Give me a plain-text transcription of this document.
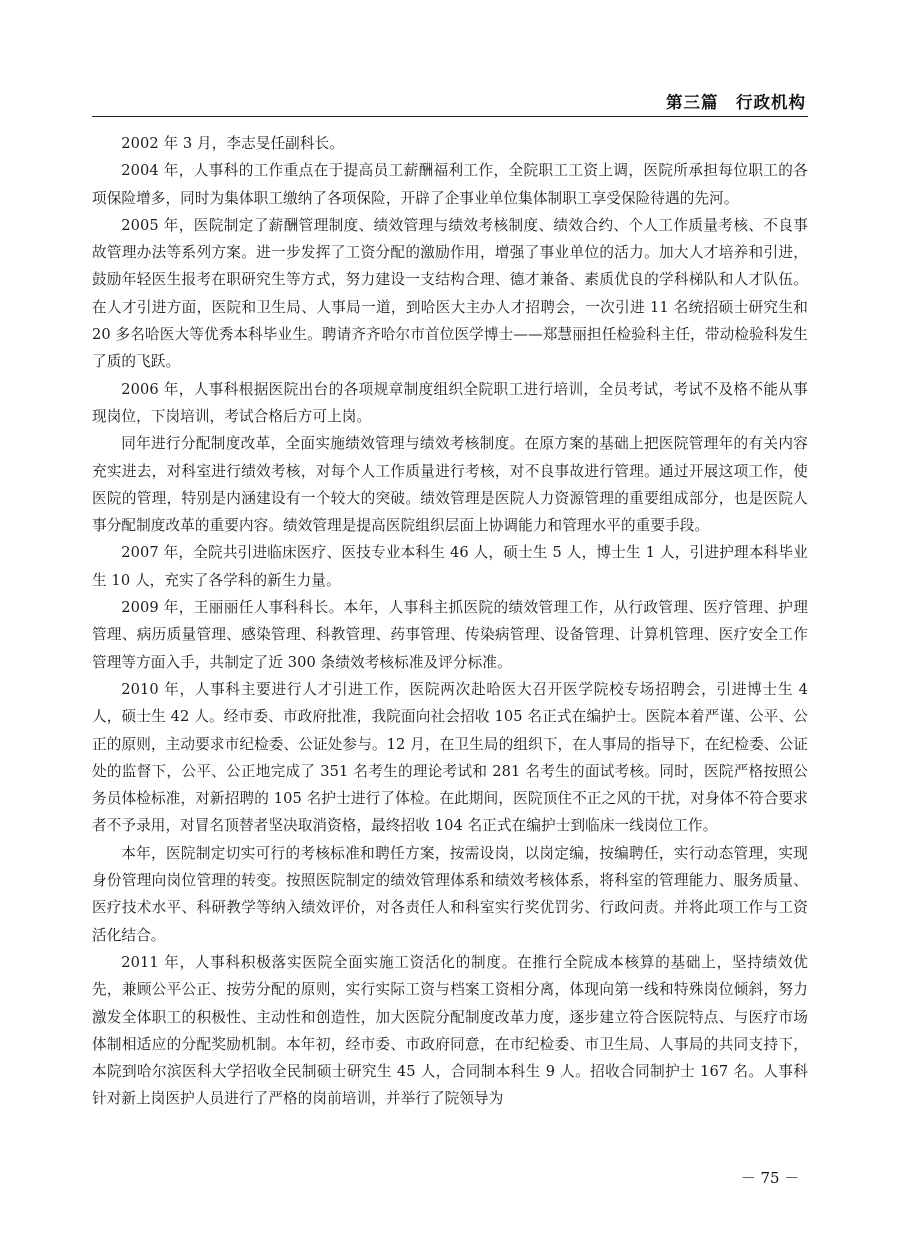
第三篇　行政机构

2002 年 3 月，李志旻任副科长。

2004 年，人事科的工作重点在于提高员工薪酬福利工作，全院职工工资上调，医院所承担每位职工的各项保险增多，同时为集体职工缴纳了各项保险，开辟了企事业单位集体制职工享受保险待遇的先河。

2005 年，医院制定了薪酬管理制度、绩效管理与绩效考核制度、绩效合约、个人工作质量考核、不良事故管理办法等系列方案。进一步发挥了工资分配的激励作用，增强了事业单位的活力。加大人才培养和引进，鼓励年轻医生报考在职研究生等方式，努力建设一支结构合理、德才兼备、素质优良的学科梯队和人才队伍。在人才引进方面，医院和卫生局、人事局一道，到哈医大主办人才招聘会，一次引进 11 名统招硕士研究生和 20 多名哈医大等优秀本科毕业生。聘请齐齐哈尔市首位医学博士——郑慧丽担任检验科主任，带动检验科发生了质的飞跃。

2006 年，人事科根据医院出台的各项规章制度组织全院职工进行培训，全员考试，考试不及格不能从事现岗位，下岗培训，考试合格后方可上岗。

同年进行分配制度改革，全面实施绩效管理与绩效考核制度。在原方案的基础上把医院管理年的有关内容充实进去，对科室进行绩效考核，对每个人工作质量进行考核，对不良事故进行管理。通过开展这项工作，使医院的管理，特别是内涵建设有一个较大的突破。绩效管理是医院人力资源管理的重要组成部分，也是医院人事分配制度改革的重要内容。绩效管理是提高医院组织层面上协调能力和管理水平的重要手段。

2007 年，全院共引进临床医疗、医技专业本科生 46 人，硕士生 5 人，博士生 1 人，引进护理本科毕业生 10 人，充实了各学科的新生力量。

2009 年，王丽丽任人事科科长。本年，人事科主抓医院的绩效管理工作，从行政管理、医疗管理、护理管理、病历质量管理、感染管理、科教管理、药事管理、传染病管理、设备管理、计算机管理、医疗安全工作管理等方面入手，共制定了近 300 条绩效考核标准及评分标准。

2010 年，人事科主要进行人才引进工作，医院两次赴哈医大召开医学院校专场招聘会，引进博士生 4 人，硕士生 42 人。经市委、市政府批准，我院面向社会招收 105 名正式在编护士。医院本着严谨、公平、公正的原则，主动要求市纪检委、公证处参与。12 月，在卫生局的组织下，在人事局的指导下，在纪检委、公证处的监督下，公平、公正地完成了 351 名考生的理论考试和 281 名考生的面试考核。同时，医院严格按照公务员体检标准，对新招聘的 105 名护士进行了体检。在此期间，医院顶住不正之风的干扰，对身体不符合要求者不予录用，对冒名顶替者坚决取消资格，最终招收 104 名正式在编护士到临床一线岗位工作。

本年，医院制定切实可行的考核标准和聘任方案，按需设岗，以岗定编，按编聘任，实行动态管理，实现身份管理向岗位管理的转变。按照医院制定的绩效管理体系和绩效考核体系，将科室的管理能力、服务质量、医疗技术水平、科研教学等纳入绩效评价，对各责任人和科室实行奖优罚劣、行政问责。并将此项工作与工资活化结合。

2011 年，人事科积极落实医院全面实施工资活化的制度。在推行全院成本核算的基础上，坚持绩效优先，兼顾公平公正、按劳分配的原则，实行实际工资与档案工资相分离，体现向第一线和特殊岗位倾斜，努力激发全体职工的积极性、主动性和创造性，加大医院分配制度改革力度，逐步建立符合医院特点、与医疗市场体制相适应的分配奖励机制。本年初，经市委、市政府同意，在市纪检委、市卫生局、人事局的共同支持下，本院到哈尔滨医科大学招收全民制硕士研究生 45 人，合同制本科生 9 人。招收合同制护士 167 名。人事科针对新上岗医护人员进行了严格的岗前培训，并举行了院领导为

－ 75 －
